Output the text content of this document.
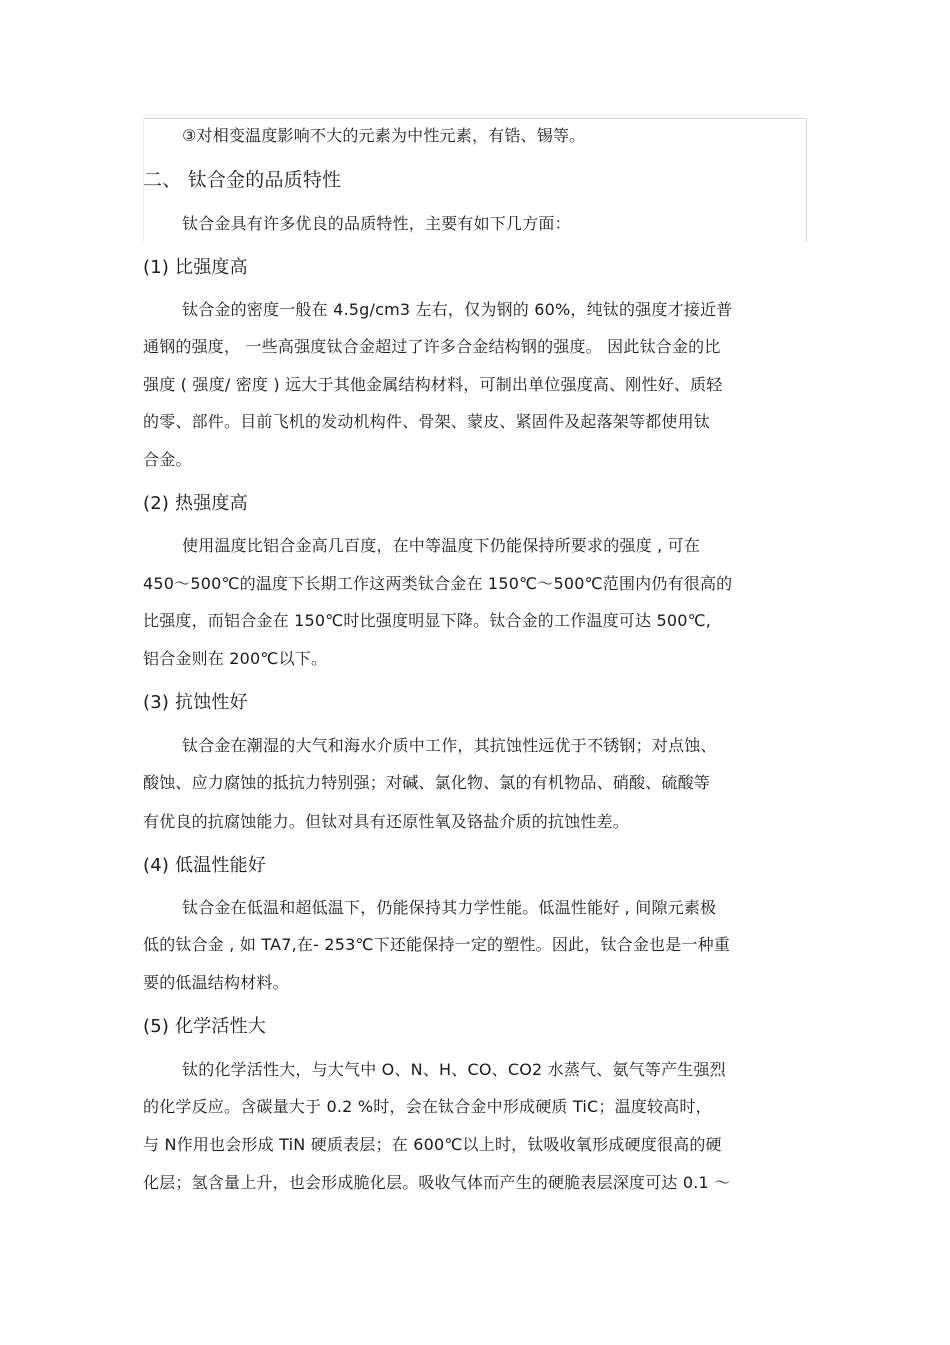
③对相变温度影响不大的元素为中性元素，有锆、锡等。
二、 钛合金的品质特性
钛合金具有许多优良的品质特性，主要有如下几方面：
(1) 比强度高
钛合金的密度一般在 4.5g/cm3 左右，仅为钢的 60%，纯钛的强度才接近普
通钢的强度， 一些高强度钛合金超过了许多合金结构钢的强度。 因此钛合金的比
强度 ( 强度/ 密度 ) 远大于其他金属结构材料，可制出单位强度高、刚性好、质轻
的零、部件。目前飞机的发动机构件、骨架、蒙皮、紧固件及起落架等都使用钛
合金。
(2) 热强度高
使用温度比铝合金高几百度，在中等温度下仍能保持所要求的强度 , 可在
450～500℃的温度下长期工作这两类钛合金在 150℃～500℃范围内仍有很高的
比强度，而铝合金在 150℃时比强度明显下降。钛合金的工作温度可达 500℃,
铝合金则在 200℃以下。
(3) 抗蚀性好
钛合金在潮湿的大气和海水介质中工作，其抗蚀性远优于不锈钢；对点蚀、
酸蚀、应力腐蚀的抵抗力特别强；对碱、氯化物、氯的有机物品、硝酸、硫酸等
有优良的抗腐蚀能力。但钛对具有还原性氧及铬盐介质的抗蚀性差。
(4) 低温性能好
钛合金在低温和超低温下，仍能保持其力学性能。低温性能好 , 间隙元素极
低的钛合金 , 如 TA7,在- 253℃下还能保持一定的塑性。因此，钛合金也是一种重
要的低温结构材料。
(5) 化学活性大
钛的化学活性大，与大气中 O、N、H、CO、CO2 水蒸气、氨气等产生强烈
的化学反应。含碳量大于 0.2 %时，会在钛合金中形成硬质 TiC；温度较高时，
与 N作用也会形成 TiN 硬质表层；在 600℃以上时，钛吸收氧形成硬度很高的硬
化层；氢含量上升，也会形成脆化层。吸收气体而产生的硬脆表层深度可达 0.1 ～
